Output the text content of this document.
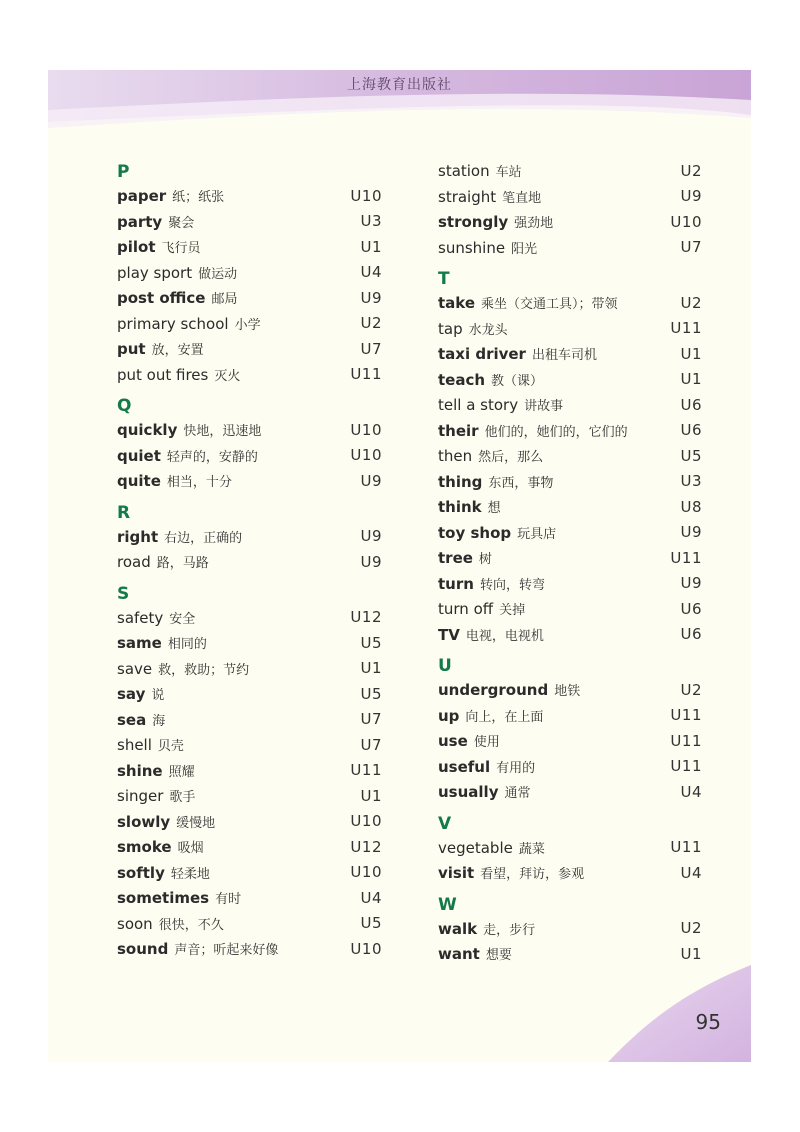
上海教育出版社
P
paper 纸；纸张	U10
party 聚会	U3
pilot 飞行员	U1
play sport 做运动	U4
post office 邮局	U9
primary school 小学	U2
put 放，安置	U7
put out fires 灭火	U11
Q
quickly 快地，迅速地	U10
quiet 轻声的，安静的	U10
quite 相当，十分	U9
R
right 右边，正确的	U9
road 路，马路	U9
S
safety 安全	U12
same 相同的	U5
save 救，救助；节约	U1
say 说	U5
sea 海	U7
shell 贝壳	U7
shine 照耀	U11
singer 歌手	U1
slowly 缓慢地	U10
smoke 吸烟	U12
softly 轻柔地	U10
sometimes 有时	U4
soon 很快，不久	U5
sound 声音；听起来好像	U10
station 车站	U2
straight 笔直地	U9
strongly 强劲地	U10
sunshine 阳光	U7
T
take 乘坐（交通工具）；带领	U2
tap 水龙头	U11
taxi driver 出租车司机	U1
teach 教（课）	U1
tell a story 讲故事	U6
their 他们的，她们的，它们的	U6
then 然后，那么	U5
thing 东西，事物	U3
think 想	U8
toy shop 玩具店	U9
tree 树	U11
turn 转向，转弯	U9
turn off 关掉	U6
TV 电视，电视机	U6
U
underground 地铁	U2
up 向上，在上面	U11
use 使用	U11
useful 有用的	U11
usually 通常	U4
V
vegetable 蔬菜	U11
visit 看望，拜访，参观	U4
W
walk 走，步行	U2
want 想要	U1
95
